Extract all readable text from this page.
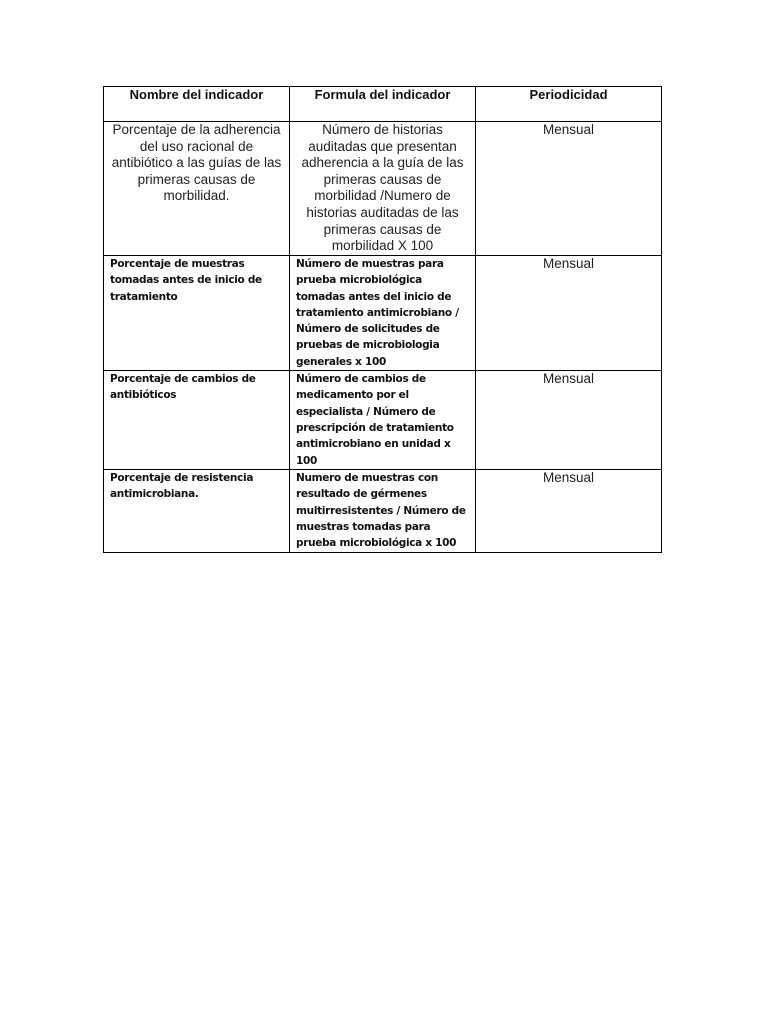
Nombre del indicador	Formula del indicador	Periodicidad
Porcentaje de la adherencia del uso racional de antibiótico a las guías de las primeras causas de morbilidad.	Número de historias auditadas que presentan adherencia a la guía de las primeras causas de morbilidad /Numero de historias auditadas de las primeras causas de morbilidad X 100	Mensual
Porcentaje de muestras tomadas antes de inicio de tratamiento	Número de muestras para prueba microbiológica tomadas antes del inicio de tratamiento antimicrobiano / Número de solicitudes de pruebas de microbiologia generales x 100	Mensual
Porcentaje de cambios de antibióticos	Número de cambios de medicamento por el especialista / Número de prescripción de tratamiento antimicrobiano en unidad x 100	Mensual
Porcentaje de resistencia antimicrobiana.	Numero de muestras con resultado de gérmenes multirresistentes / Número de muestras tomadas para prueba microbiológica x 100	Mensual
